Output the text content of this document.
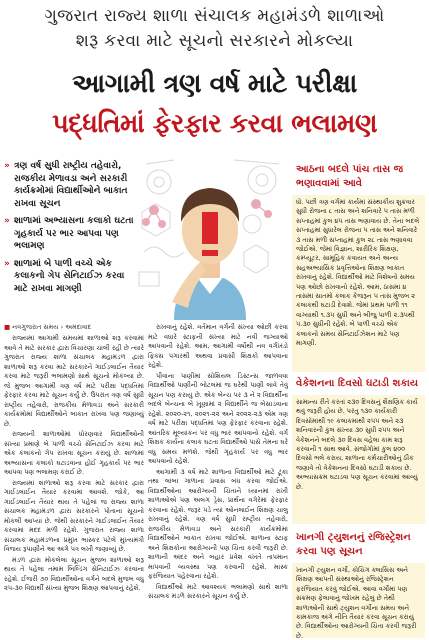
ગુજરાત રાજ્ય શાળા સંચાલક મહામંડળે શાળાઓ
શરૂ કરવા માટે સૂચનો સરકારને મોકલ્યા
આગામી ત્રણ વર્ષ માટે પરીક્ષા
પદ્ધતિમાં ફેરફાર કરવા ભલામણ
» ત્રણ વર્ષ સુધી રાષ્ટ્રીય તહેવારો, રાજકીય મેળાવડા અને સરકારી કાર્યક્રમોમાં વિદ્યાર્થીઓને બાકાત રાખવા સૂચન
» શાળામાં અભ્યાસના કલાકો ઘટતા ગૃહકાર્ય પર ભાર આપવા પણ ભલામણ
» શાળામાં બે પાળી વચ્ચે એક કલાકનો ગેપ સેનિટાઈઝ કરવા માટે રાખવા માગણી
આઠના બદલે પાંચ તાસ જ ભણાવવામાં આવે
ધો. પછી ત્રણ વર્ગમાં કાર્યમાં સંસ્થાકીય શુક્રવાર સુધી રોજના ૮ તાસ અને શનિવારે ૫ તાસ મળી સપ્તાહમાં કુલ ૪૫ તાસ ભણાવાય છે. તેના બદલે સપ્તાહમાં સુધારેલ રોજના ૫ તાસ અને શનિવારે ૩ તાસ મળી સપ્તાહમાં કુલ ૨૮ તાસ ભણાવવા જોઈએ. જેમાં વિજ્ઞાન, શારીરિક શિક્ષણ, કમ્પ્યૂટર, સામૂહિક કવાયત અને અન્ય સહઅભ્યાસિક પ્રવૃત્તિઓના શિક્ષણ બાકાત રાખવાનું રહેશે. વિદ્યાર્થીઓ માટે વિશેષનો સમય પણ ઓછો રાખવાનો રહેશે. આમ, ઠાસમાં ૪ તાસમાં સાતમો કલાક કેજરૂન ૫ તાસ મુજબ ૨ કલાકથી ઘટાડી દેવાશે. જેમાં પ્રથમ પાળી ૧૧ વાગ્યાથી ૧.૩૫ સુધી અને બીજુ પાળી ૨.૩૫થી ૫.૩૦ સુધીની રહેશે. બે પાળી વચ્ચે એક કલાકનો સમય સેનિટાઈઝેશન માટે પણ માગણી.
વેકેશનના દિવસો ઘટાડી શકાય
સામાન્ય રીતે કરતાં ૨૩૦ દિવસનું શૈક્ષણિક કાર્ય થવું જરૂરી હોય છે. પરંતુ ૧૩૦ કાર્યકારી દિવસોમાંથી ૧૯ કલાકમાંથી ૨૫૫ અને ૨૩ શનિવારની કુલ સંખ્યા ૩૦ સુધી ૨૫૫ અને વેકેશનને બદલે ૩૦ દિવસ વહેલા કામ શરૂ કરવાની ૧ સાથ આવે. સંજોગોમાં કુલ ૪૦૦ દિવસો ભલે કરાય, શાળાના કર્મચારીઓનું ઠીક જણાવે તો વેકેશનના દિવસો ઘટાડી શકાય છે. અભ્યાસક્રમ ઘટાડવા પણ સૂચન કરવામાં આવ્યું છે.
ખાનગી ટ્યુશનનું રજિસ્ટ્રેશન કરવા પણ સૂચન
ખાનગી ટ્યુશન વર્ગો, કોચિંગ ક્લાસિસ અને શિક્ષણ આપતી સંસ્થાઓનું રજિસ્ટ્રેશન ફરજિયાત કરવું જોઈએ. આવા વર્ગોમાં પણ સંક્રમણ ફેલાવાનું જોખમ રહેલું છે તેથી શાળાઓની સાથે ટ્યુશન વર્ગોના સમય અને કામકાજ અંગે નીતિ તૈયાર કરવા સૂચન કરાયું છે. વિદ્યાર્થીઓના આરોગ્યની ચિંતા કરવી જરૂરી છે.
■ નવગુજરાત સમય › અમદાવાદ

રાજ્યમાં આગામી સમયમાં શાળાઓ શરૂ કરવામાં આવે તે માટે સરકાર દ્વારા વિચારણા ચાલી રહી છે ત્યારે ગુજરાત રાજ્ય શાળા સંચાલક મહામંડળ દ્વારા શાળાઓ શરૂ કરવા માટે સરકારને ગાઈડલાઈન તૈયાર કરવા માટે જરૂરી ભલામણો સાથે સૂચનો મોકલ્યા છે. જે મુજબ આગામી ત્રણ વર્ષ માટે પરીક્ષા પદ્ધતિમાં ફેરફાર કરવા માટે સૂચન કર્યું છે. ઉપરાંત ત્રણ વર્ષ સુધી રાષ્ટ્રીય તહેવારો, રાજકીય મેળાવડા અને સરકારી કાર્યક્રમોમાં વિદ્યાર્થીઓને બાકાત રાખવા પણ જણાવ્યું છે.

રાજ્યની શાળાઓમાં ધોરણવાર વિદ્યાર્થીઓની સંખ્યા પ્રમાણે બે પાળી વચ્ચે સેનિટાઈઝ કરવા માટે એક કલાકનો ગેપ રાખવા સૂચન કરાયું છે. શાળામાં અભ્યાસના કલાકો ઘટાડવાના હોઈ ગૃહકાર્ય પર ભાર આપવા પણ ભલામણ કરાઈ છે.

રાજ્યમાં શાળાઓ શરૂ કરવા માટે સરકાર દ્વારા ગાઈડલાઈન તૈયાર કરવામાં આવશે. જોકે, આ ગાઈડલાઈન તૈયાર થાય તે પહેલાં જ રાજ્ય શાળા સંચાલક મહામંડળ દ્વારા સરકારને પોતાના સૂચનો મોકલી આપ્યા છે. જેથી સરકારને ગાઈડલાઈન તૈયાર કરવામાં મદદ મળી રહેશે. ગુજરાત રાજ્ય શાળા સંચાલક મહામંડળના પ્રમુખ ભાસ્કર પટેલે મુખ્યમંત્રી વિજય રૂપાણીને આ અંગે પત્ર લખી જણાવ્યું છે.

મંડળ દ્વારા મોકલેલા સૂચન મુજબ શાળાઓ શરૂ થાય તે પહેલા તમામ બિલ્ડિંગ સેનિટાઈઝ કરવાના રહેશે. ઈજરી ૭૦ વિદ્યાર્થીઓના વર્ગને બદલે મુજબ વધુ ૨૫-૩૦ વિદ્યાર્થી સંખ્યા મુજબ શિક્ષણ આપવાનું રહેશે.

રાખવાનું રહેશે. વર્તમાન વર્ગની સંખ્યા ઓછી કરવા માટે વધારે સ્ટાફની સંખ્યા માટે નવી જગ્યાઓ આપવાની રહેશે. આમ, આગામી વર્ષોથી નવ વર્ગખંડો ફિક્સ પગારથી અથવા પ્રવાસી શિક્ષકો આપવાના રહેશે.

પીવાના પાણીમાં સોશિયલ ડિસ્ટન્સ જાળવવા વિદ્યાર્થીઓ પાણીની બોટલમાં જ ઘરેથી પાણી લાવે તેવું સૂચન પણ કરાયું છે. એક બેન્ચ પર ૩ ને ૨ વિદ્યાર્થીના બદલે બેન્ચના બે ખૂણામાં ૨ વિદ્યાર્થીને જ બેસાડવાના રહેશે. ૨૦૨૦-૨૧, ૨૦૨૧-૨૨ અને ૨૦૨૨-૨૩ એમ ત્રણ વર્ષ માટે પરીક્ષા પદ્ધતિમાં પણ ફેરફાર કરવાના રહેશે. આંતરિક મૂલ્યાંકન પર વધુ ભાર આપવાનો રહેશે. વર્ગ શિક્ષક કાર્યના કલાક ઘટતા વિદ્યાર્થીઓ પાસે તેમના ઘરે વધુ સમય મળશે. જેથી ગૃહકાર્ય પર વધુ ભાર આપવાનો રહેશે.

આગામી ૩ વર્ષ માટે શાળાના વિદ્યાર્થીઓ માટે ટૂંકા તથા લાંબા ગાળાના પ્રવાસ બંધ કરવા જોઈએ. વિદ્યાર્થીઓના આરોગ્યની ચિંતાને ધ્યાનમાં રાખી શાળાઓએ પણ અલગ ડ્રેસ, પ્રાર્થના વગેરેમાં ફેરફાર કરવાના રહેશે. જરૂર પડે ત્યાં ઓનલાઈન શિક્ષણ ચાલુ રાખવાનું રહેશે. ત્રણ વર્ષ સુધી રાષ્ટ્રીય તહેવારો, રાજકીય મેળાવડા અને સરકારી કાર્યક્રમોમાં વિદ્યાર્થીઓને બાકાત રાખવા જોઈએ. શાળાના સ્ટાફ અને શિક્ષકોના આરોગ્યની પણ ચિંતા કરવી જરૂરી છે. શાળાની અંદર અને બહાર પ્રવેશ વખતે તાપમાન માપવાની વ્યવસ્થા પણ કરવાની રહેશે. માસ્ક ફરજિયાત પહેરવાના રહેશે.

વિદ્યાર્થીઓ માટે આવશ્યક ભલામણો સાથે શાળા સંચાલક મંડળે સરકારને સૂચન કર્યું છે.
